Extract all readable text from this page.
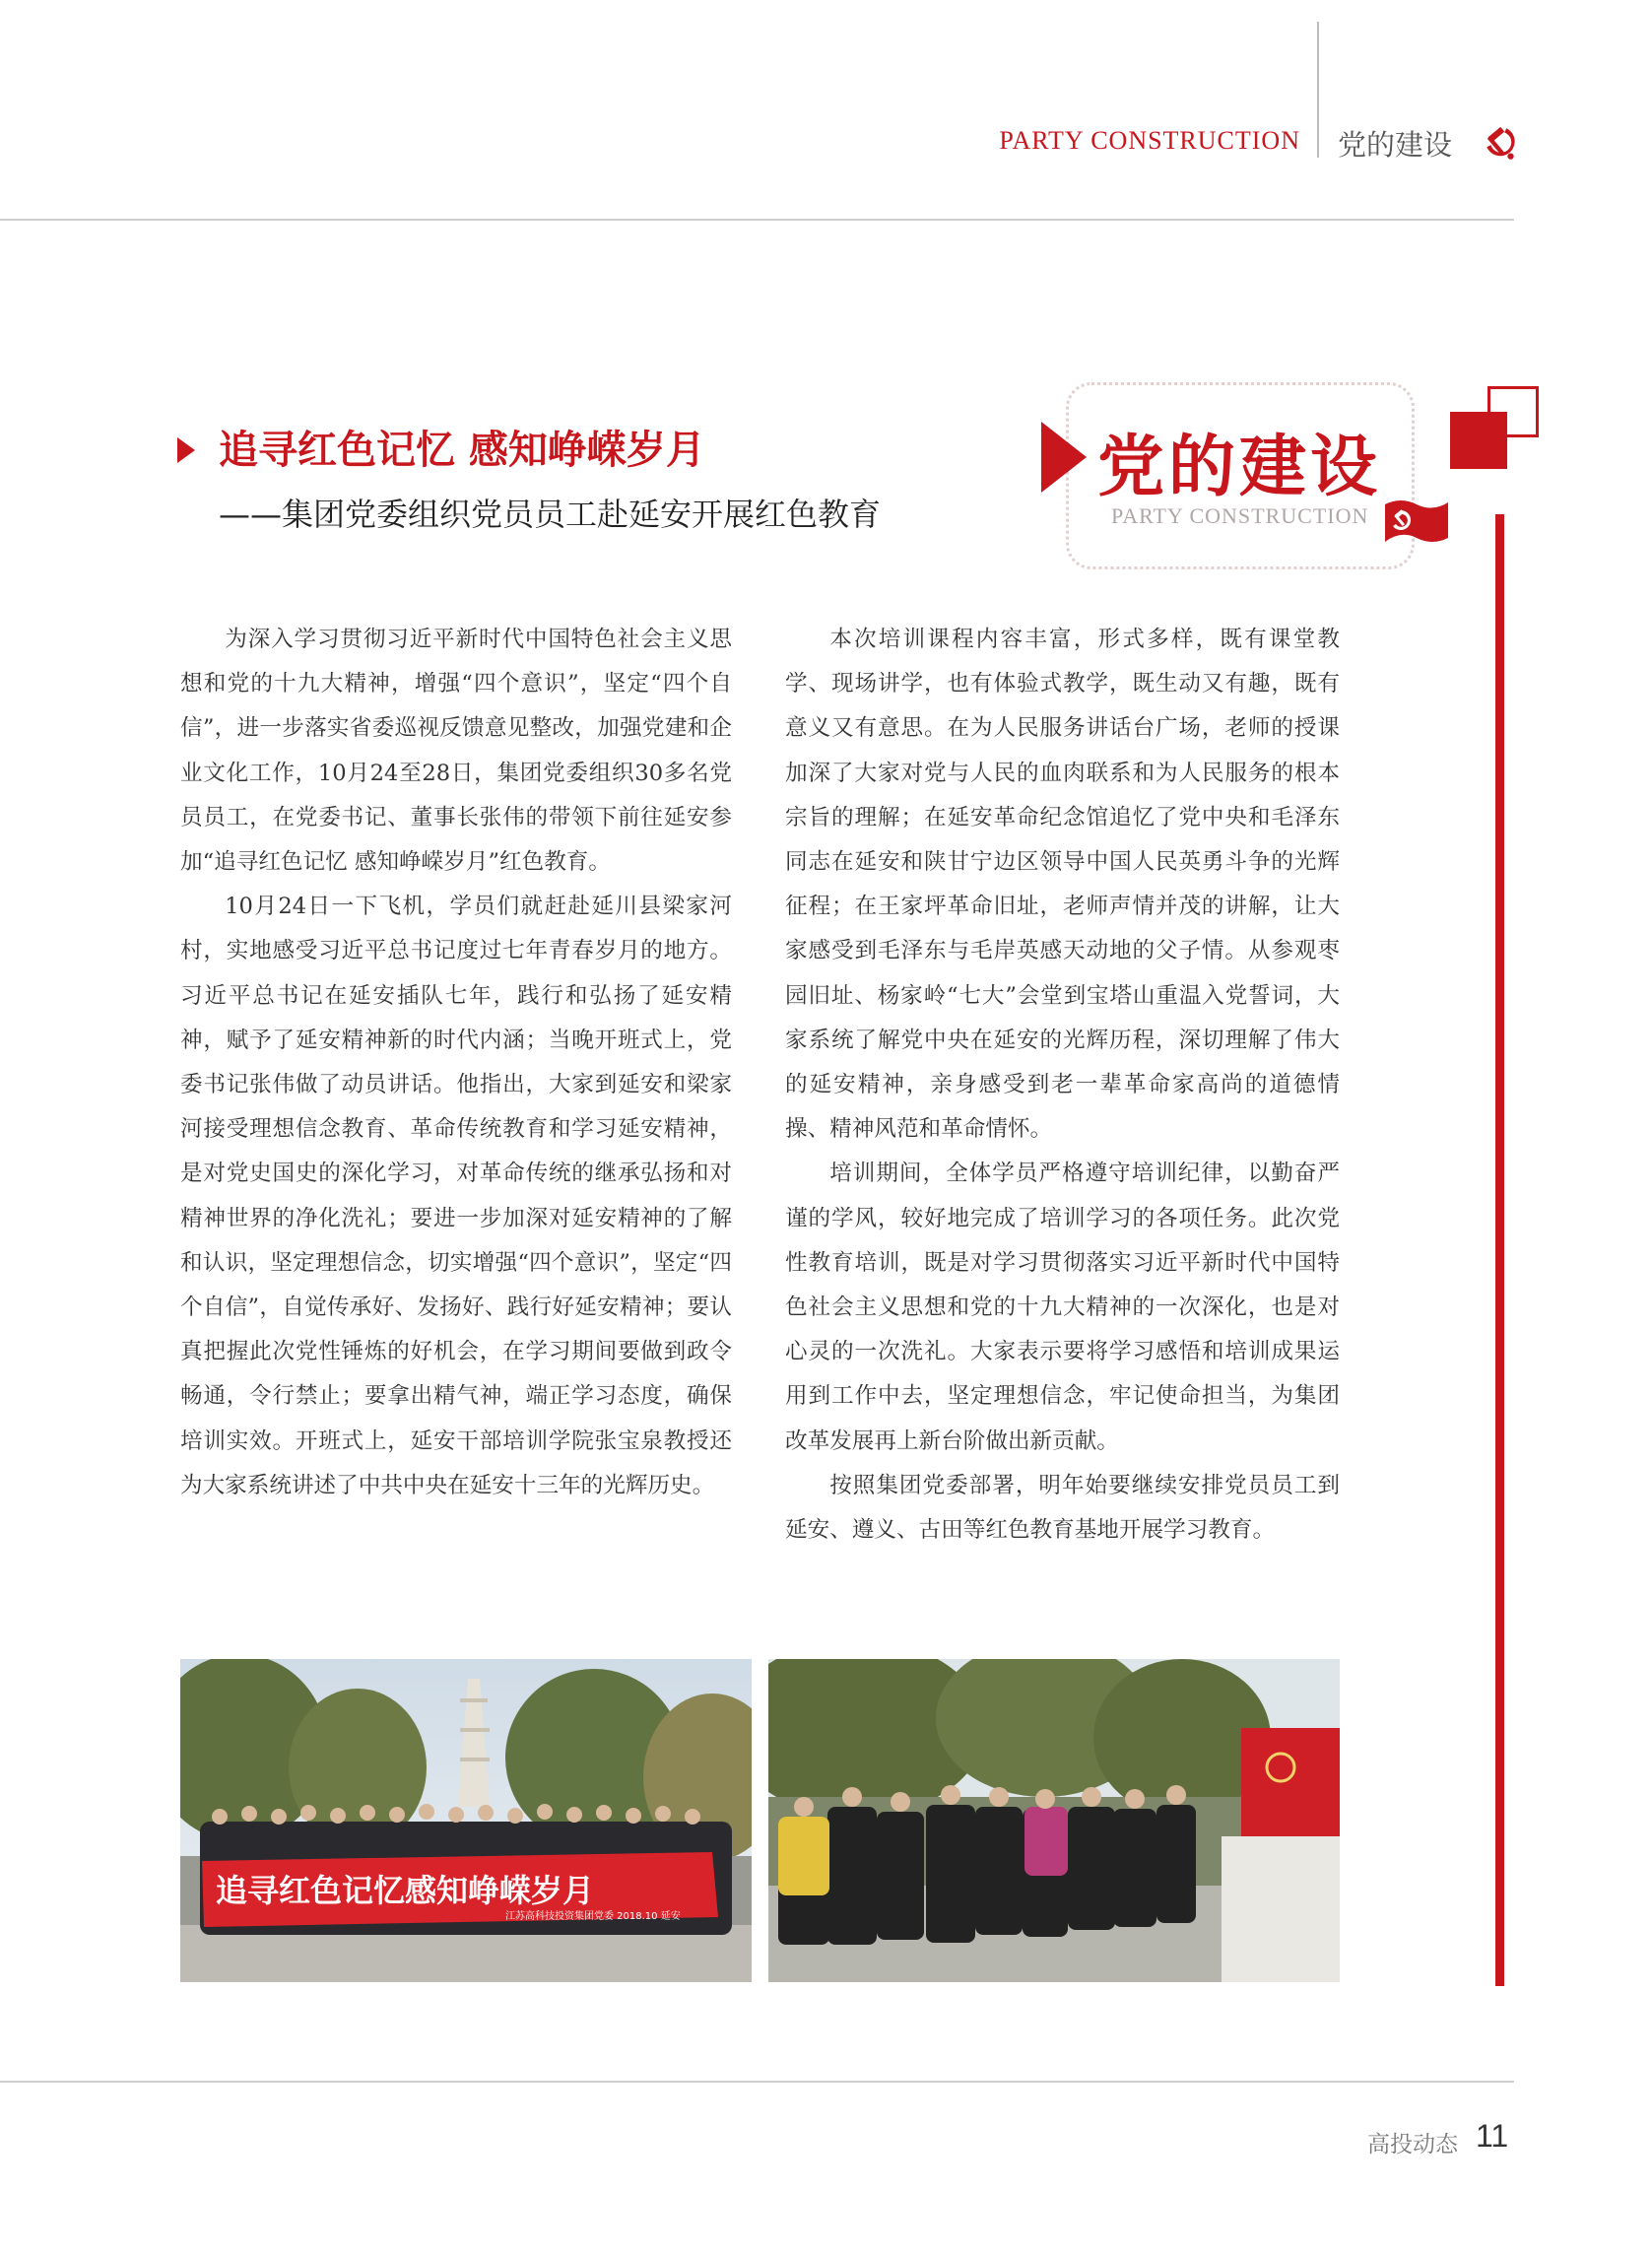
PARTY CONSTRUCTION 党的建设
追寻红色记忆 感知峥嵘岁月
——集团党委组织党员员工赴延安开展红色教育
党的建设
PARTY CONSTRUCTION

为深入学习贯彻习近平新时代中国特色社会主义思想和党的十九大精神，增强“四个意识”，坚定“四个自信”，进一步落实省委巡视反馈意见整改，加强党建和企业文化工作，10月24至28日，集团党委组织30多名党员员工，在党委书记、董事长张伟的带领下前往延安参加“追寻红色记忆 感知峥嵘岁月”红色教育。

10月24日一下飞机，学员们就赶赴延川县梁家河村，实地感受习近平总书记度过七年青春岁月的地方。习近平总书记在延安插队七年，践行和弘扬了延安精神，赋予了延安精神新的时代内涵；当晚开班式上，党委书记张伟做了动员讲话。他指出，大家到延安和梁家河接受理想信念教育、革命传统教育和学习延安精神，是对党史国史的深化学习，对革命传统的继承弘扬和对精神世界的净化洗礼；要进一步加深对延安精神的了解和认识，坚定理想信念，切实增强“四个意识”，坚定“四个自信”，自觉传承好、发扬好、践行好延安精神；要认真把握此次党性锤炼的好机会，在学习期间要做到政令畅通，令行禁止；要拿出精气神，端正学习态度，确保培训实效。开班式上，延安干部培训学院张宝泉教授还为大家系统讲述了中共中央在延安十三年的光辉历史。

本次培训课程内容丰富，形式多样，既有课堂教学、现场讲学，也有体验式教学，既生动又有趣，既有意义又有意思。在为人民服务讲话台广场，老师的授课加深了大家对党与人民的血肉联系和为人民服务的根本宗旨的理解；在延安革命纪念馆追忆了党中央和毛泽东同志在延安和陕甘宁边区领导中国人民英勇斗争的光辉征程；在王家坪革命旧址，老师声情并茂的讲解，让大家感受到毛泽东与毛岸英感天动地的父子情。从参观枣园旧址、杨家岭“七大”会堂到宝塔山重温入党誓词，大家系统了解党中央在延安的光辉历程，深切理解了伟大的延安精神，亲身感受到老一辈革命家高尚的道德情操、精神风范和革命情怀。

培训期间，全体学员严格遵守培训纪律，以勤奋严谨的学风，较好地完成了培训学习的各项任务。此次党性教育培训，既是对学习贯彻落实习近平新时代中国特色社会主义思想和党的十九大精神的一次深化，也是对心灵的一次洗礼。大家表示要将学习感悟和培训成果运用到工作中去，坚定理想信念，牢记使命担当，为集团改革发展再上新台阶做出新贡献。

按照集团党委部署，明年始要继续安排党员员工到延安、遵义、古田等红色教育基地开展学习教育。

追寻红色记忆感知峥嵘岁月
江苏高科技投资集团党委 2018.10 延安
高投动态 11
